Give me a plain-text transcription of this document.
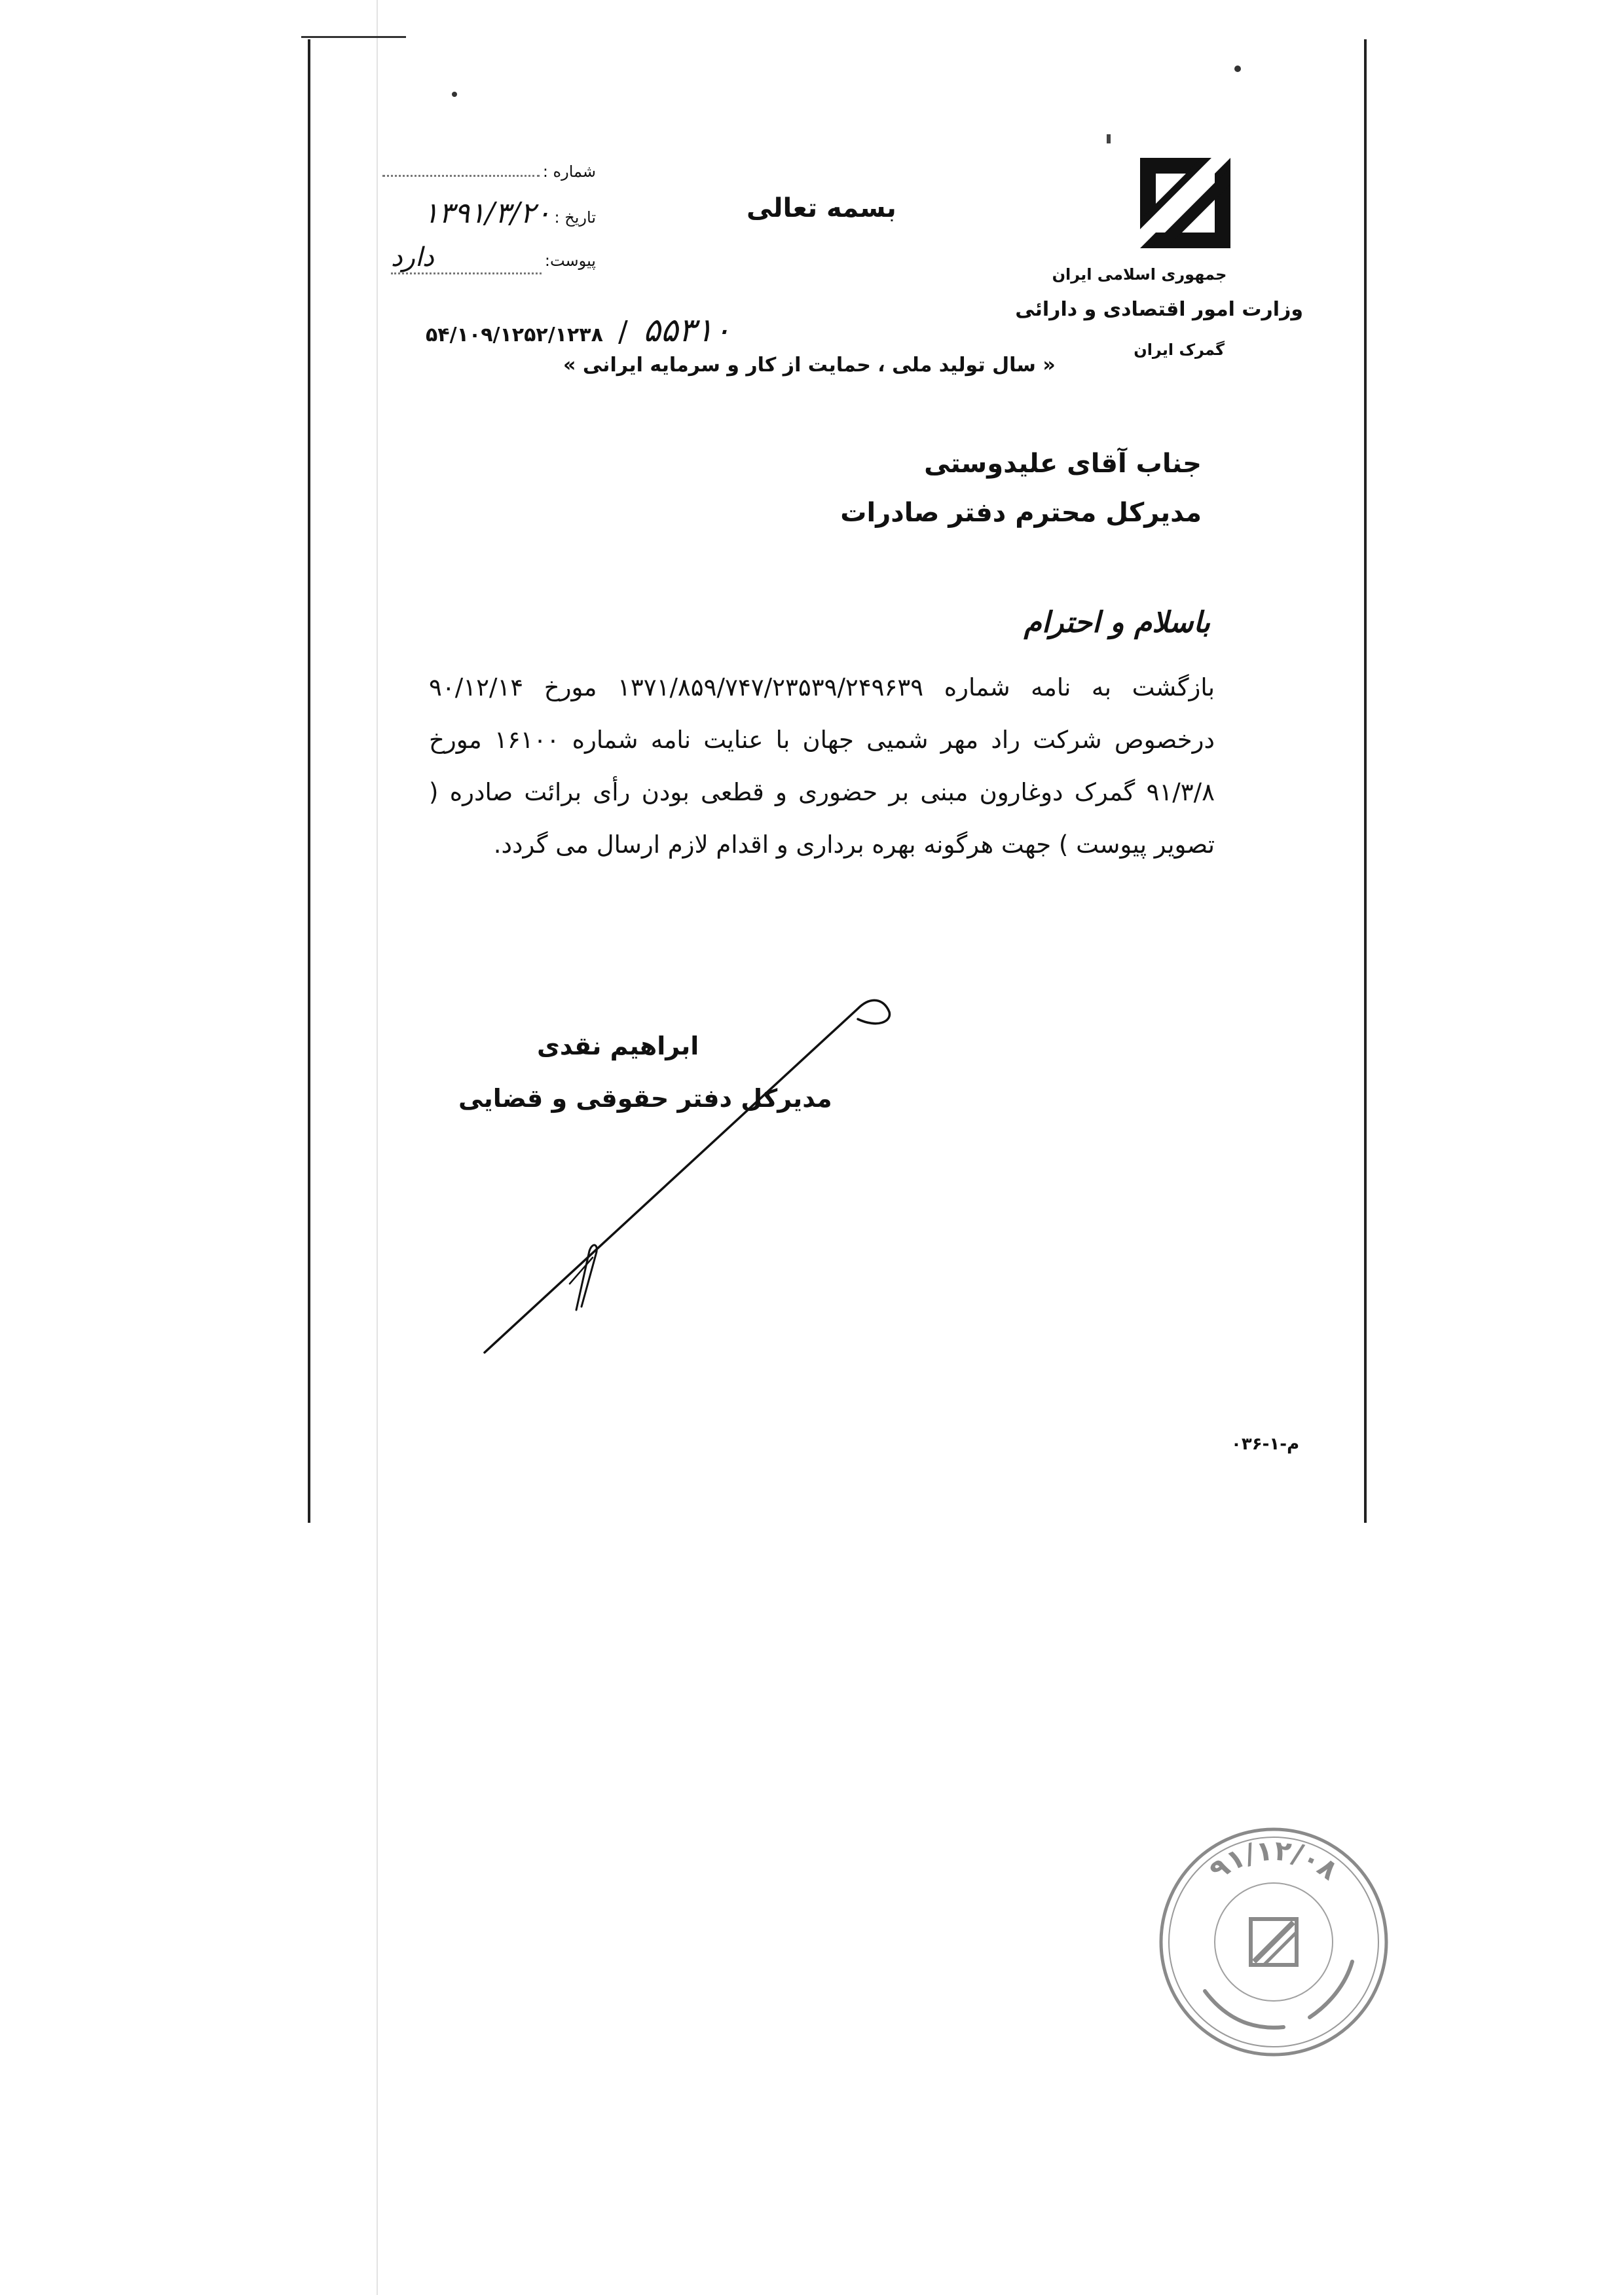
جمهوری اسلامی ایران
وزارت امور اقتصادی و دارائی
گمرک ایران
بسمه تعالی
شماره :
تاریخ : ۱۳۹۱/۳/۲۰
پیوست: دارد
۵۴/۱۰۹/۱۲۵۲/۱۲۳۸ / ۵۵۳۱۰
« سال تولید ملی ، حمایت از کار و سرمایه ایرانی »
جناب آقای علیدوستی
مدیرکل محترم دفتر صادرات
باسلام و احترام
بازگشت به نامه شماره ۱۳۷۱/۸۵۹/۷۴۷/۲۳۵۳۹/۲۴۹۶۳۹ مورخ ۹۰/۱۲/۱۴ درخصوص شرکت راد مهر شمیی جهان با عنایت نامه شماره ۱۶۱۰۰ مورخ ۹۱/۳/۸ گمرک دوغارون مبنی بر حضوری و قطعی بودن رأی برائت صادره ( تصویر پیوست ) جهت هرگونه بهره برداری و اقدام لازم ارسال می گردد.
ابراهیم نقدی
مدیرکل دفتر حقوقی و قضایی
م-۱-۰۳۶
۹۱/۱۲/۰۸
